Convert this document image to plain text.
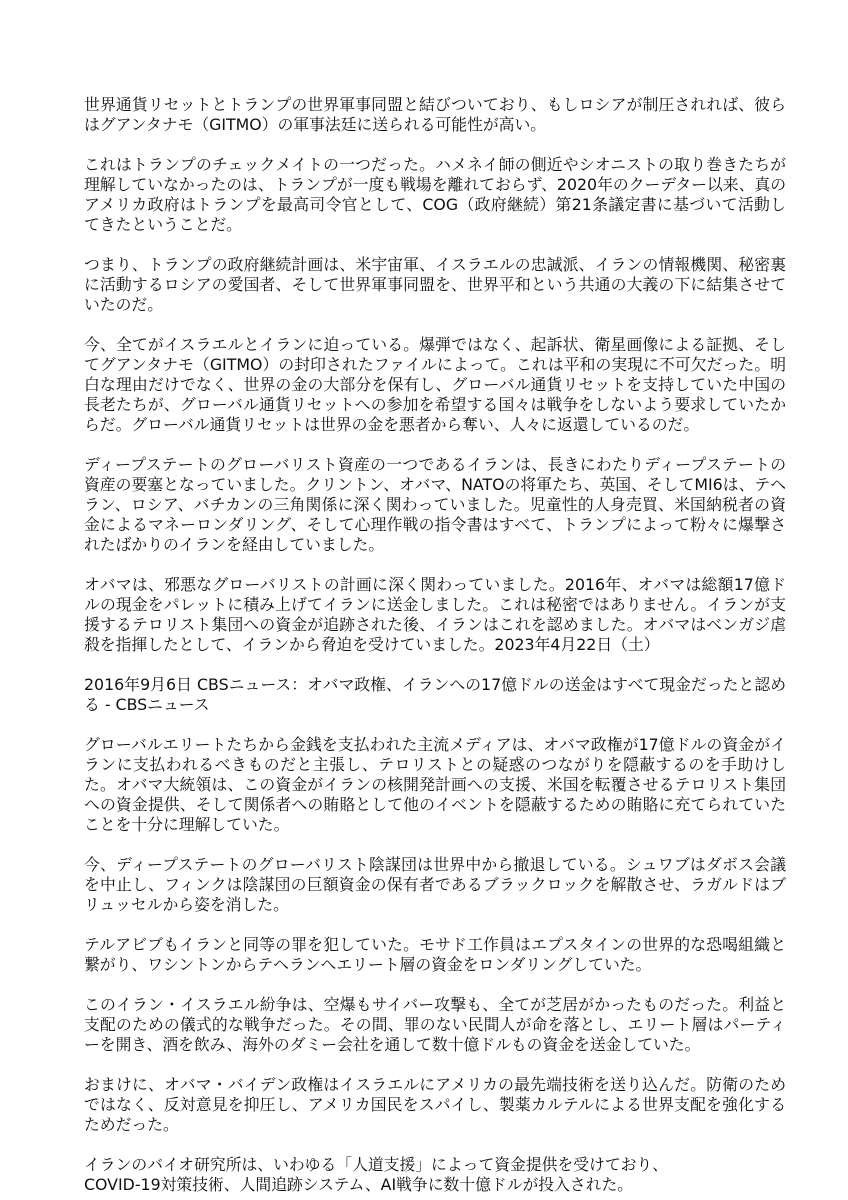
世界通貨リセットとトランプの世界軍事同盟と結びついており、もしロシアが制圧されれば、彼らはグアンタナモ（GITMO）の軍事法廷に送られる可能性が高い。

これはトランプのチェックメイトの一つだった。ハメネイ師の側近やシオニストの取り巻きたちが理解していなかったのは、トランプが一度も戦場を離れておらず、2020年のクーデター以来、真のアメリカ政府はトランプを最高司令官として、COG（政府継続）第21条議定書に基づいて活動してきたということだ。

つまり、トランプの政府継続計画は、米宇宙軍、イスラエルの忠誠派、イランの情報機関、秘密裏に活動するロシアの愛国者、そして世界軍事同盟を、世界平和という共通の大義の下に結集させていたのだ。

今、全てがイスラエルとイランに迫っている。爆弾ではなく、起訴状、衛星画像による証拠、そしてグアンタナモ（GITMO）の封印されたファイルによって。これは平和の実現に不可欠だった。明白な理由だけでなく、世界の金の大部分を保有し、グローバル通貨リセットを支持していた中国の長老たちが、グローバル通貨リセットへの参加を希望する国々は戦争をしないよう要求していたからだ。グローバル通貨リセットは世界の金を悪者から奪い、人々に返還しているのだ。

ディープステートのグローバリスト資産の一つであるイランは、長きにわたりディープステートの資産の要塞となっていました。クリントン、オバマ、NATOの将軍たち、英国、そしてMI6は、テヘラン、ロシア、バチカンの三角関係に深く関わっていました。児童性的人身売買、米国納税者の資金によるマネーロンダリング、そして心理作戦の指令書はすべて、トランプによって粉々に爆撃されたばかりのイランを経由していました。

オバマは、邪悪なグローバリストの計画に深く関わっていました。2016年、オバマは総額17億ドルの現金をパレットに積み上げてイランに送金しました。これは秘密ではありません。イランが支援するテロリスト集団への資金が追跡された後、イランはこれを認めました。オバマはベンガジ虐殺を指揮したとして、イランから脅迫を受けていました。2023年4月22日（土）

2016年9月6日 CBSニュース：オバマ政権、イランへの17億ドルの送金はすべて現金だったと認める - CBSニュース

グローバルエリートたちから金銭を支払われた主流メディアは、オバマ政権が17億ドルの資金がイランに支払われるべきものだと主張し、テロリストとの疑惑のつながりを隠蔽するのを手助けした。オバマ大統領は、この資金がイランの核開発計画への支援、米国を転覆させるテロリスト集団への資金提供、そして関係者への賄賂として他のイベントを隠蔽するための賄賂に充てられていたことを十分に理解していた。

今、ディープステートのグローバリスト陰謀団は世界中から撤退している。シュワブはダボス会議を中止し、フィンクは陰謀団の巨額資金の保有者であるブラックロックを解散させ、ラガルドはブリュッセルから姿を消した。

テルアビブもイランと同等の罪を犯していた。モサド工作員はエプスタインの世界的な恐喝組織と繋がり、ワシントンからテヘランへエリート層の資金をロンダリングしていた。

このイラン・イスラエル紛争は、空爆もサイバー攻撃も、全てが芝居がかったものだった。利益と支配のための儀式的な戦争だった。その間、罪のない民間人が命を落とし、エリート層はパーティーを開き、酒を飲み、海外のダミー会社を通して数十億ドルもの資金を送金していた。

おまけに、オバマ・バイデン政権はイスラエルにアメリカの最先端技術を送り込んだ。防衛のためではなく、反対意見を抑圧し、アメリカ国民をスパイし、製薬カルテルによる世界支配を強化するためだった。

イランのバイオ研究所は、いわゆる「人道支援」によって資金提供を受けており、
COVID-19対策技術、人間追跡システム、AI戦争に数十億ドルが投入された。
